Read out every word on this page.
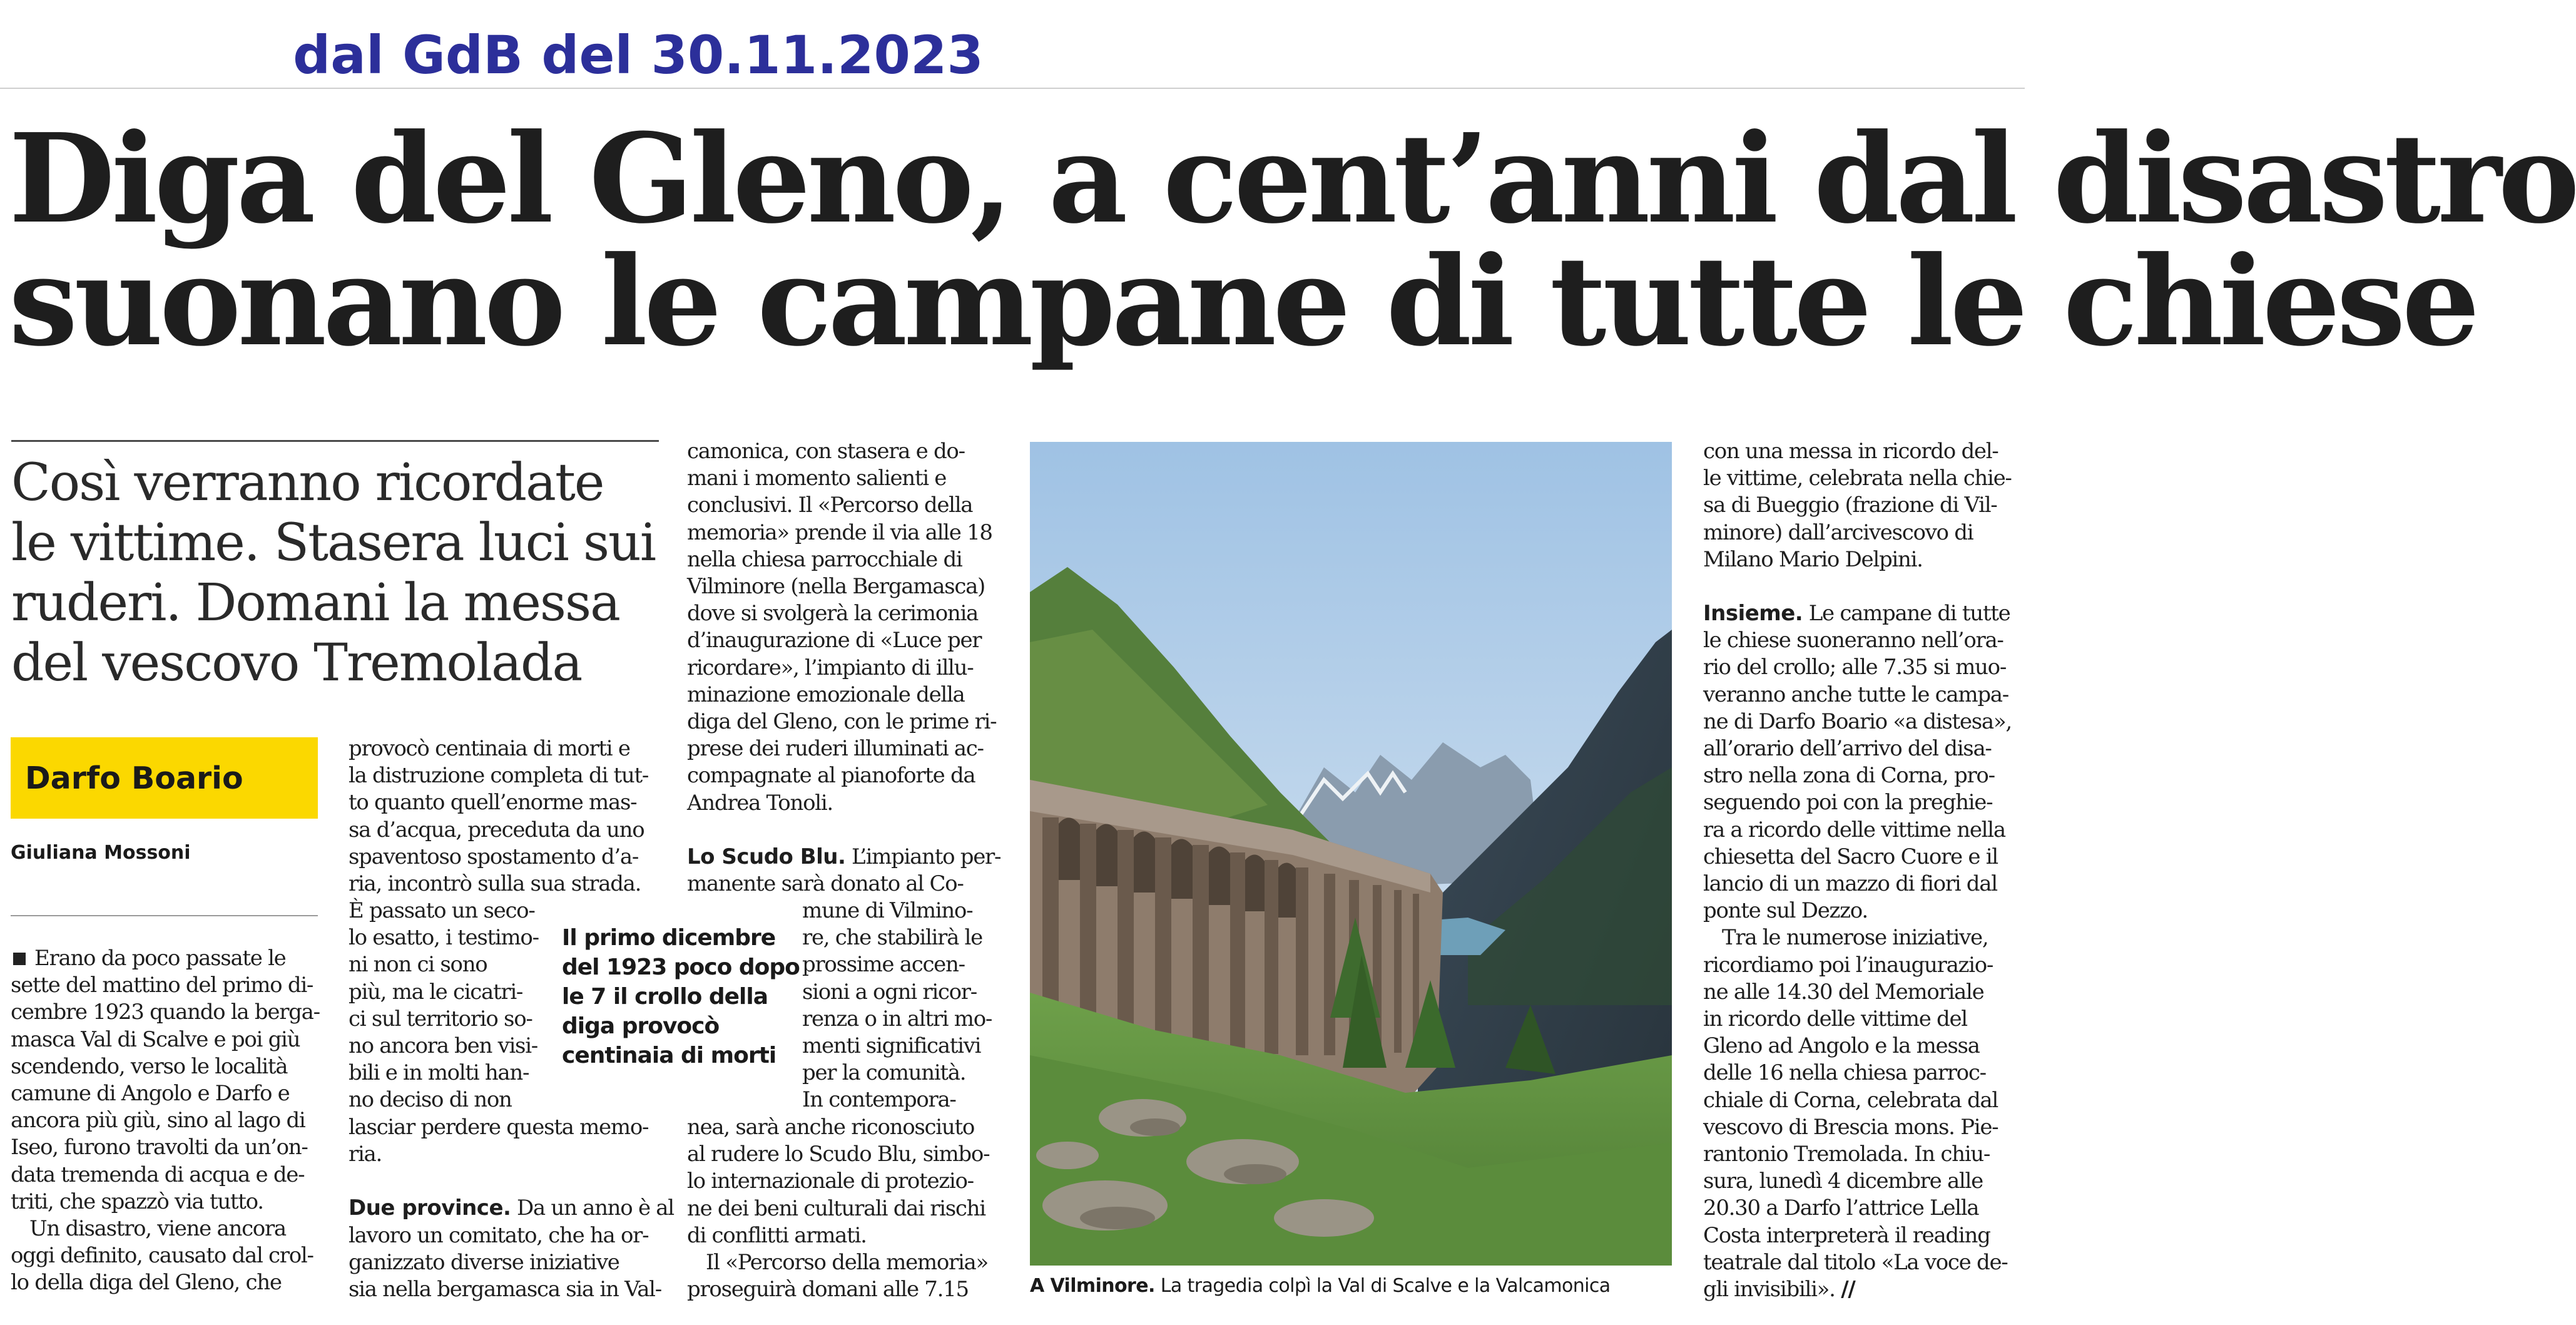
dal GdB del 30.11.2023
Diga del Gleno, a cent’anni dal disastro
suonano le campane di tutte le chiese
Così verranno ricordate
le vittime. Stasera luci sui
ruderi. Domani la messa
del vescovo Tremolada
Darfo Boario
Giuliana Mossoni
Erano da poco passate le
sette del mattino del primo di-
cembre 1923 quando la berga-
masca Val di Scalve e poi giù
scendendo, verso le località
camune di Angolo e Darfo e
ancora più giù, sino al lago di
Iseo, furono travolti da un’on-
data tremenda di acqua e de-
triti, che spazzò via tutto.
Un disastro, viene ancora
oggi definito, causato dal crol-
lo della diga del Gleno, che
provocò centinaia di morti e
la distruzione completa di tut-
to quanto quell’enorme mas-
sa d’acqua, preceduta da uno
spaventoso spostamento d’a-
ria, incontrò sulla sua strada.
È passato un seco-
lo esatto, i testimo-
ni non ci sono
più, ma le cicatri-
ci sul territorio so-
no ancora ben visi-
bili e in molti han-
no deciso di non
lasciar perdere questa memo-
ria.
Due province. Da un anno è al
lavoro un comitato, che ha or-
ganizzato diverse iniziative
sia nella bergamasca sia in Val-
Il primo dicembre
del 1923 poco dopo
le 7 il crollo della
diga provocò
centinaia di morti
camonica, con stasera e do-
mani i momento salienti e
conclusivi. Il «Percorso della
memoria» prende il via alle 18
nella chiesa parrocchiale di
Vilminore (nella Bergamasca)
dove si svolgerà la cerimonia
d’inaugurazione di «Luce per
ricordare», l’impianto di illu-
minazione emozionale della
diga del Gleno, con le prime ri-
prese dei ruderi illuminati ac-
compagnate al pianoforte da
Andrea Tonoli.
Lo Scudo Blu. L’impianto per-
manente sarà donato al Co-
mune di Vilmino-
re, che stabilirà le
prossime accen-
sioni a ogni ricor-
renza o in altri mo-
menti significativi
per la comunità.
In contempora-
nea, sarà anche riconosciuto
al rudere lo Scudo Blu, simbo-
lo internazionale di protezio-
ne dei beni culturali dai rischi
di conflitti armati.
Il «Percorso della memoria»
proseguirà domani alle 7.15	A Vilminore. La tragedia colpì la Val di Scalve e la Valcamonica
con una messa in ricordo del-
le vittime, celebrata nella chie-
sa di Bueggio (frazione di Vil-
minore) dall’arcivescovo di
Milano Mario Delpini.
Insieme. Le campane di tutte
le chiese suoneranno nell’ora-
rio del crollo; alle 7.35 si muo-
veranno anche tutte le campa-
ne di Darfo Boario «a distesa»,
all’orario dell’arrivo del disa-
stro nella zona di Corna, pro-
seguendo poi con la preghie-
ra a ricordo delle vittime nella
chiesetta del Sacro Cuore e il
lancio di un mazzo di fiori dal
ponte sul Dezzo.
Tra le numerose iniziative,
ricordiamo poi l’inaugurazio-
ne alle 14.30 del Memoriale
in ricordo delle vittime del
Gleno ad Angolo e la messa
delle 16 nella chiesa parroc-
chiale di Corna, celebrata dal
vescovo di Brescia mons. Pie-
rantonio Tremolada. In chiu-
sura, lunedì 4 dicembre alle
20.30 a Darfo l’attrice Lella
Costa interpreterà il reading
teatrale dal titolo «La voce de-
gli invisibili». //
